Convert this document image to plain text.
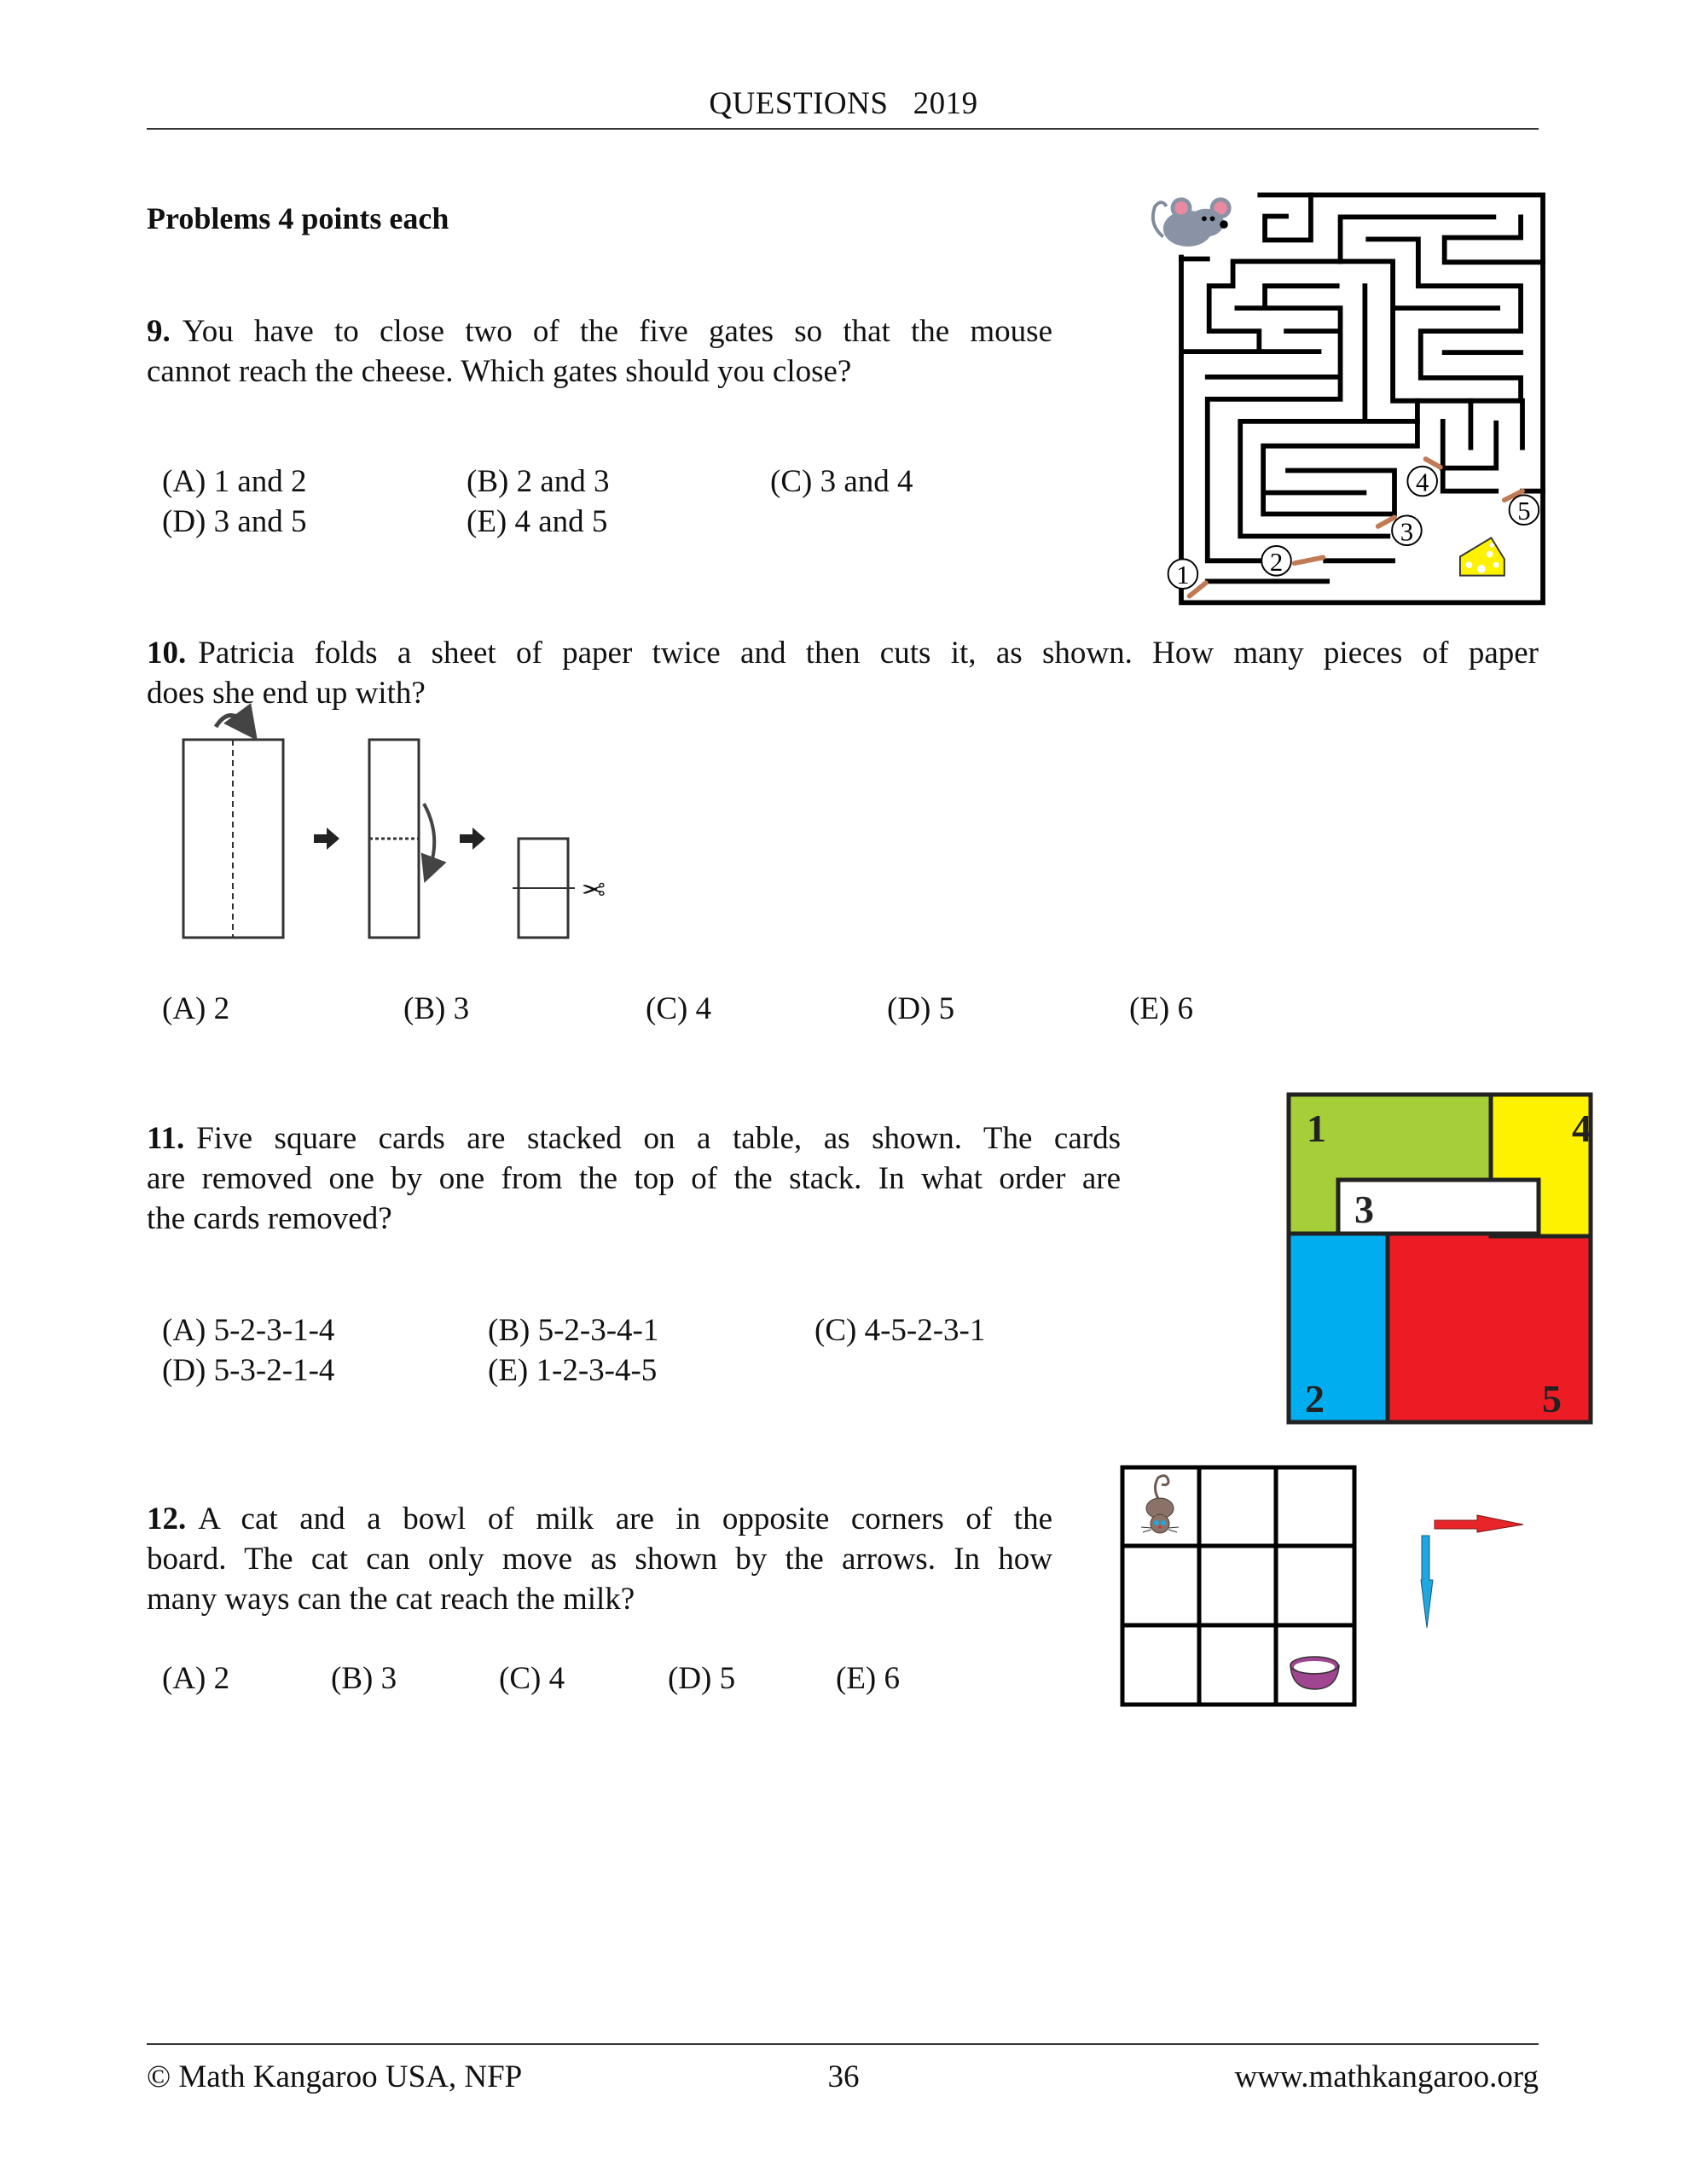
QUESTIONS 2019
Problems 4 points each
9. You have to close two of the five gates so that the mouse
cannot reach the cheese. Which gates should you close?
(A) 1 and 2	(B) 2 and 3	(C) 3 and 4
(D) 3 and 5	(E) 4 and 5
1	2
3
4
5
10. Patricia folds a sheet of paper twice and then cuts it, as shown. How many pieces of paper
does she end up with?
✂
(A) 2	(B) 3	(C) 4	(D) 5	(E) 6
11. Five square cards are stacked on a table, as shown. The cards
are removed one by one from the top of the stack. In what order are
the cards removed?
(A) 5-2-3-1-4	(B) 5-2-3-4-1	(C) 4-5-2-3-1
(D) 5-3-2-1-4	(E) 1-2-3-4-5
1	4
3
2	5
12. A cat and a bowl of milk are in opposite corners of the
board. The cat can only move as shown by the arrows. In how
many ways can the cat reach the milk?
(A) 2	(B) 3	(C) 4	(D) 5	(E) 6
© Math Kangaroo USA, NFP	36	www.mathkangaroo.org
